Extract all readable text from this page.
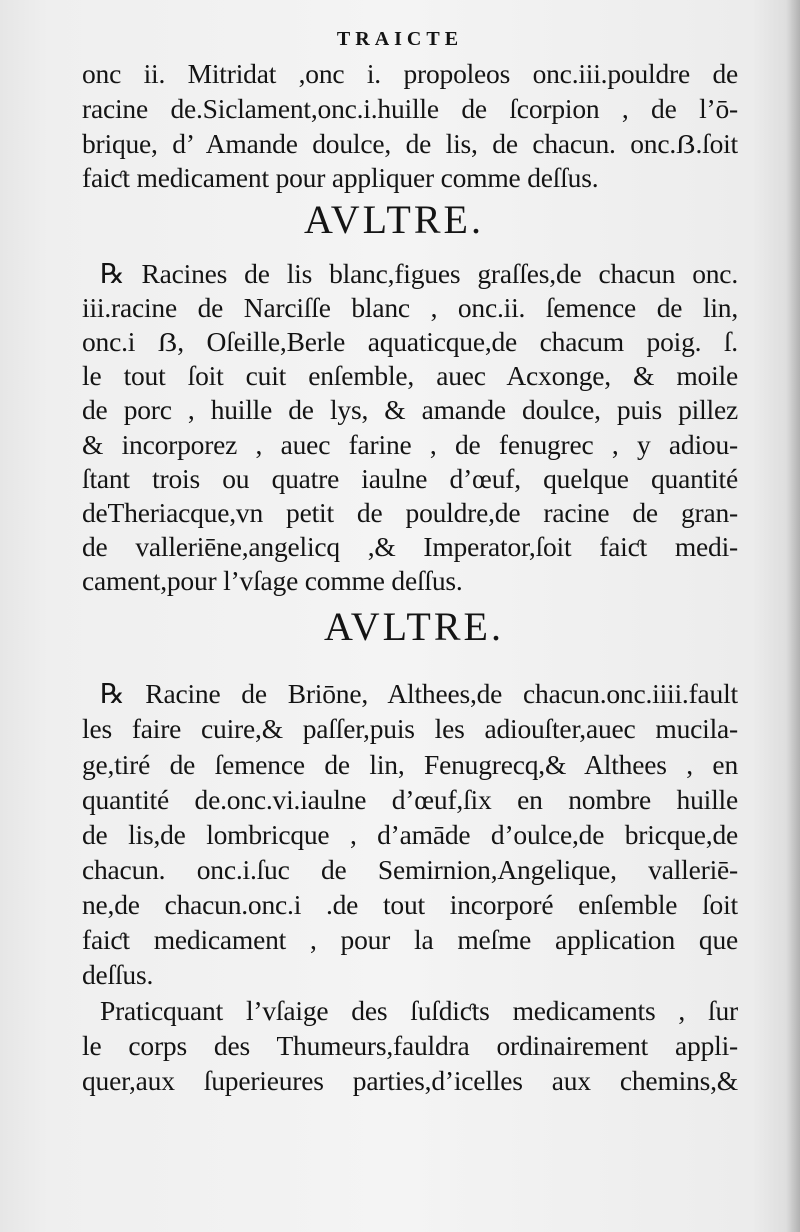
TRAICTE
onc ii. Mitridat ,onc i. propoleos onc.iii.pouldre de
racine de.Siclament,onc.i.huille de ſcorpion , de l’ō-
brique, d’ Amande doulce, de lis, de chacun. onc.ẞ.ſoit
faiƈt medicament pour appliquer comme deſſus.
AVLTRE.
℞ Racines de lis blanc,figues graſſes,de chacun onc.
iii.racine de Narciſſe blanc , onc.ii. ſemence de lin,
onc.i ẞ, Oſeille,Berle aquaticque,de chacum poig. ſ.
le tout ſoit cuit enſemble, auec Acxonge, & moile
de porc , huille de lys, & amande doulce, puis pillez
& incorporez , auec farine , de fenugrec , y adiou-
ſtant trois ou quatre iaulne d’œuf, quelque quantité
deTheriacque,vn petit de pouldre,de racine de gran-
de valleriēne,angelicq ,& Imperator,ſoit faiƈt medi-
cament,pour l’vſage comme deſſus.
AVLTRE.
℞ Racine de Briōne, Althees,de chacun.onc.iiii.fault
les faire cuire,& paſſer,puis les adiouſter,auec mucila-
ge,tiré de ſemence de lin, Fenugrecq,& Althees , en
quantité de.onc.vi.iaulne d’œuf,ſix en nombre huille
de lis,de lombricque , d’amāde d’oulce,de bricque,de
chacun. onc.i.ſuc de Semirnion,Angelique, valleriē-
ne,de chacun.onc.i .de tout incorporé enſemble ſoit
faiƈt medicament , pour la meſme application que
deſſus.
Praticquant l’vſaige des ſuſdiƈts medicaments , ſur
le corps des Thumeurs,fauldra ordinairement appli-
quer,aux ſuperieures parties,d’icelles aux chemins,&
